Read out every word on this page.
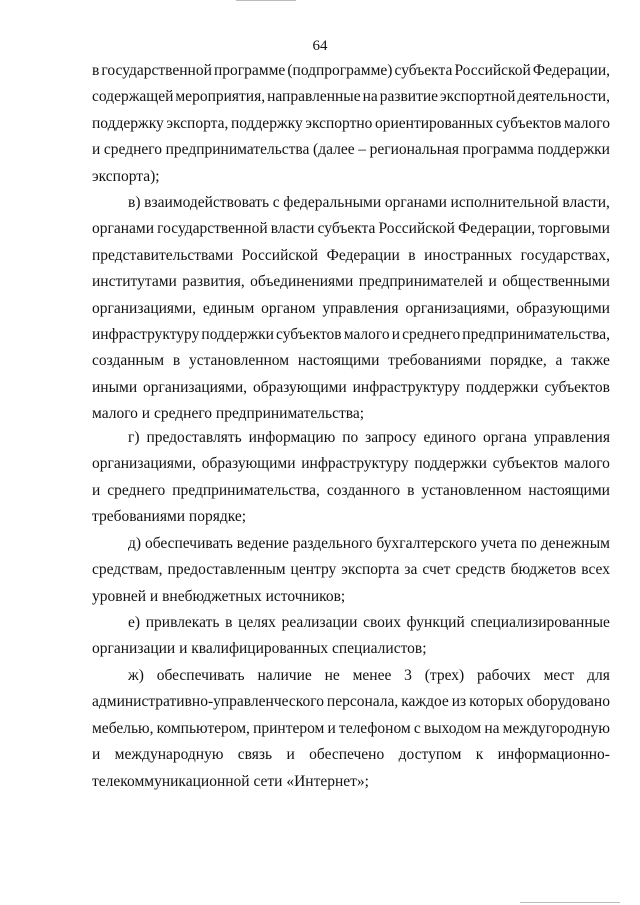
64
в государственной программе (подпрограмме) субъекта Российской Федерации,
содержащей мероприятия, направленные на развитие экспортной деятельности,
поддержку экспорта, поддержку экспортно ориентированных субъектов малого
и среднего предпринимательства (далее – региональная программа поддержки
экспорта);
в) взаимодействовать с федеральными органами исполнительной власти,
органами государственной власти субъекта Российской Федерации, торговыми
представительствами Российской Федерации в иностранных государствах,
институтами развития, объединениями предпринимателей и общественными
организациями, единым органом управления организациями, образующими
инфраструктуру поддержки субъектов малого и среднего предпринимательства,
созданным в установленном настоящими требованиями порядке, а также
иными организациями, образующими инфраструктуру поддержки субъектов
малого и среднего предпринимательства;
г) предоставлять информацию по запросу единого органа управления
организациями, образующими инфраструктуру поддержки субъектов малого
и среднего предпринимательства, созданного в установленном настоящими
требованиями порядке;
д) обеспечивать ведение раздельного бухгалтерского учета по денежным
средствам, предоставленным центру экспорта за счет средств бюджетов всех
уровней и внебюджетных источников;
е) привлекать в целях реализации своих функций специализированные
организации и квалифицированных специалистов;
ж) обеспечивать наличие не менее 3 (трех) рабочих мест для
административно-управленческого персонала, каждое из которых оборудовано
мебелью, компьютером, принтером и телефоном с выходом на междугородную
и международную связь и обеспечено доступом к информационно-
телекоммуникационной сети «Интернет»;
